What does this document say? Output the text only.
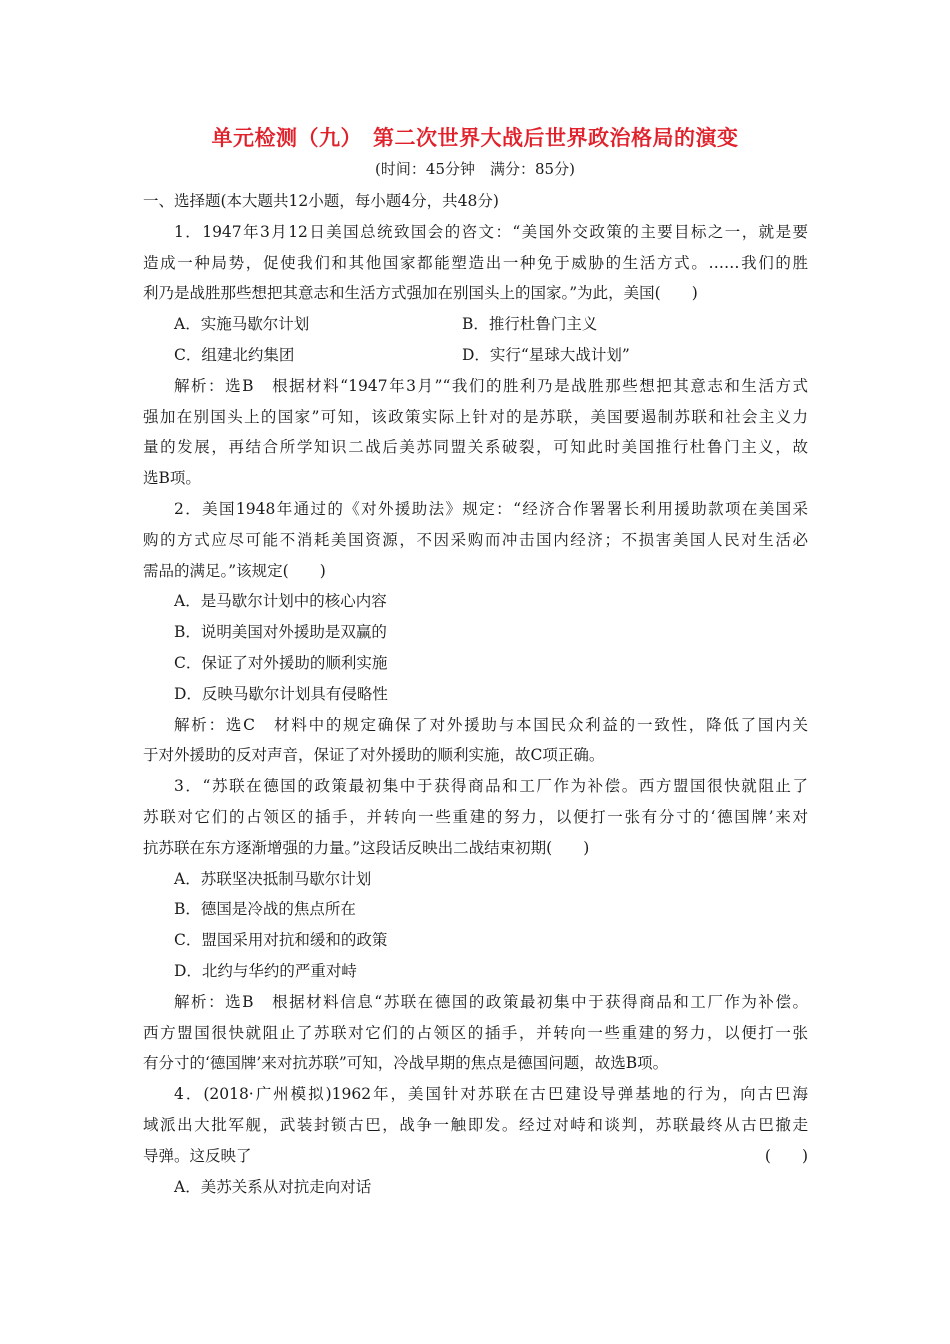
单元检测（九）　第二次世界大战后世界政治格局的演变
(时间：45分钟　满分：85分)
一、选择题(本大题共12小题，每小题4分，共48分)
1．1947年3月12日美国总统致国会的咨文：“美国外交政策的主要目标之一，就是要
造成一种局势，促使我们和其他国家都能塑造出一种免于威胁的生活方式。……我们的胜
利乃是战胜那些想把其意志和生活方式强加在别国头上的国家。”为此，美国(　　)
A．实施马歇尔计划	B．推行杜鲁门主义
C．组建北约集团	D．实行“星球大战计划”
解析：选B　根据材料“1947年3月”“我们的胜利乃是战胜那些想把其意志和生活方式
强加在别国头上的国家”可知，该政策实际上针对的是苏联，美国要遏制苏联和社会主义力
量的发展，再结合所学知识二战后美苏同盟关系破裂，可知此时美国推行杜鲁门主义，故
选B项。
2．美国1948年通过的《对外援助法》规定：“经济合作署署长利用援助款项在美国采
购的方式应尽可能不消耗美国资源，不因采购而冲击国内经济；不损害美国人民对生活必
需品的满足。”该规定(　　)
A．是马歇尔计划中的核心内容
B．说明美国对外援助是双赢的
C．保证了对外援助的顺利实施
D．反映马歇尔计划具有侵略性
解析：选C　材料中的规定确保了对外援助与本国民众利益的一致性，降低了国内关
于对外援助的反对声音，保证了对外援助的顺利实施，故C项正确。
3．“苏联在德国的政策最初集中于获得商品和工厂作为补偿。西方盟国很快就阻止了
苏联对它们的占领区的插手，并转向一些重建的努力，以便打一张有分寸的‘德国牌’来对
抗苏联在东方逐渐增强的力量。”这段话反映出二战结束初期(　　)
A．苏联坚决抵制马歇尔计划
B．德国是冷战的焦点所在
C．盟国采用对抗和缓和的政策
D．北约与华约的严重对峙
解析：选B　根据材料信息“苏联在德国的政策最初集中于获得商品和工厂作为补偿。
西方盟国很快就阻止了苏联对它们的占领区的插手，并转向一些重建的努力，以便打一张
有分寸的‘德国牌’来对抗苏联”可知，冷战早期的焦点是德国问题，故选B项。
4．(2018·广州模拟)1962年，美国针对苏联在古巴建设导弹基地的行为，向古巴海
域派出大批军舰，武装封锁古巴，战争一触即发。经过对峙和谈判，苏联最终从古巴撤走
导弹。这反映了	(　　)
A．美苏关系从对抗走向对话
